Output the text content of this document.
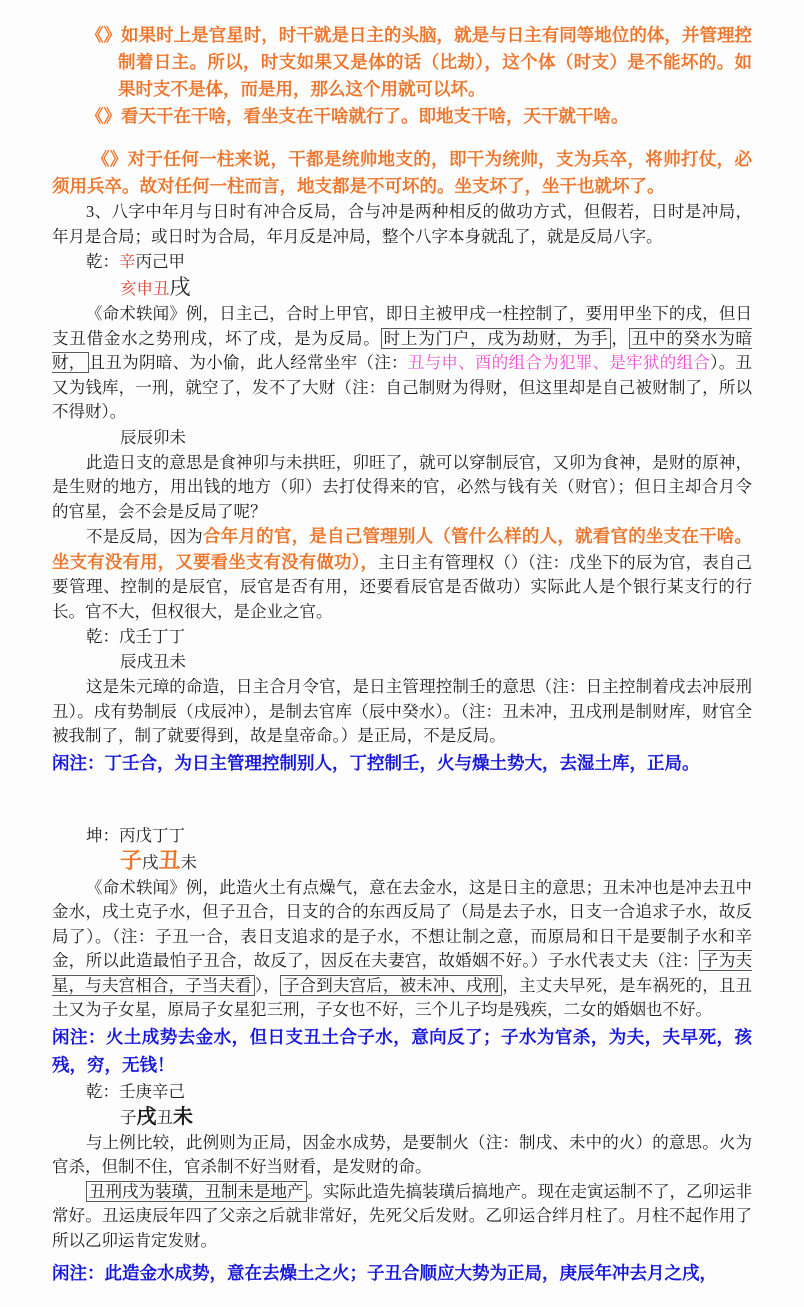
《》如果时上是官星时，时干就是日主的头脑，就是与日主有同等地位的体，并管理控制着日主。所以，时支如果又是体的话（比劫），这个体（时支）是不能坏的。如果时支不是体，而是用，那么这个用就可以坏。

《》看天干在干啥，看坐支在干啥就行了。即地支干啥，天干就干啥。

《》对于任何一柱来说，干都是统帅地支的，即干为统帅，支为兵卒，将帅打仗，必须用兵卒。故对任何一柱而言，地支都是不可坏的。坐支坏了，坐干也就坏了。

3、八字中年月与日时有冲合反局，合与冲是两种相反的做功方式，但假若，日时是冲局，年月是合局；或日时为合局，年月反是冲局，整个八字本身就乱了，就是反局八字。

乾：辛丙己甲

亥申丑戌

《命术轶闻》例，日主己，合时上甲官，即日主被甲戌一柱控制了，要用甲坐下的戌，但日支丑借金水之势刑戌，坏了戌，是为反局。 时上为门户，戌为劫财，为手 ， 丑中的癸水为暗财， 且丑为阴暗、为小偷，此人经常坐牢（注：丑与申、酉的组合为犯罪、是牢狱的组合）。丑又为钱库，一刑，就空了，发不了大财（注：自己制财为得财，但这里却是自己被财制了，所以不得财）。

辰辰卯未

此造日支的意思是食神卯与未拱旺，卯旺了，就可以穿制辰官，又卯为食神，是财的原神，是生财的地方，用出钱的地方（卯）去打仗得来的官，必然与钱有关（财官）；但日主却合月令的官星，会不会是反局了呢？

不是反局，因为合年月的官，是自己管理别人（管什么样的人，就看官的坐支在干啥。坐支有没有用，又要看坐支有没有做功），主日主有管理权（）（注：戊坐下的辰为官，表自己要管理、控制的是辰官，辰官是否有用，还要看辰官是否做功）实际此人是个银行某支行的行长。官不大，但权很大，是企业之官。

乾：戊壬丁丁

辰戌丑未

这是朱元璋的命造，日主合月令官，是日主管理控制壬的意思（注：日主控制着戌去冲辰刑丑）。戌有势制辰（戌辰冲），是制去官库（辰中癸水）。（注：丑未冲，丑戌刑是制财库，财官全被我制了，制了就要得到，故是皇帝命。）是正局，不是反局。

闲注：丁壬合，为日主管理控制别人，丁控制壬，火与燥土势大，去湿土库，正局。

坤：丙戊丁丁

子戌丑未

《命术轶闻》例，此造火土有点燥气，意在去金水，这是日主的意思；丑未冲也是冲去丑中金水，戌土克子水，但子丑合，日支的合的东西反局了（局是去子水，日支一合追求子水，故反局了）。（注：子丑一合，表日支追求的是子水，不想让制之意，而原局和日干是要制子水和辛金，所以此造最怕子丑合，故反了，因反在夫妻宫，故婚姻不好。）子水代表丈夫（注： 子为夫星，与夫宫相合，子当夫看 ）， 子合到夫宫后，被未冲、戌刑 ，主丈夫早死，是车祸死的，且丑土又为子女星，原局子女星犯三刑，子女也不好，三个儿子均是残疾，二女的婚姻也不好。

闲注：火土成势去金水，但日支丑土合子水，意向反了；子水为官杀，为夫，夫早死，孩残，穷，无钱！

乾：壬庚辛己

子戌丑未

与上例比较，此例则为正局，因金水成势，是要制火（注：制戌、未中的火）的意思。火为官杀，但制不住，官杀制不好当财看，是发财的命。

丑刑戌为装璜，丑制未是地产 。实际此造先搞装璜后搞地产。现在走寅运制不了，乙卯运非常好。丑运庚辰年四了父亲之后就非常好，先死父后发财。乙卯运合绊月柱了。月柱不起作用了所以乙卯运肯定发财。

闲注：此造金水成势，意在去燥土之火；子丑合顺应大势为正局，庚辰年冲去月之戌，
